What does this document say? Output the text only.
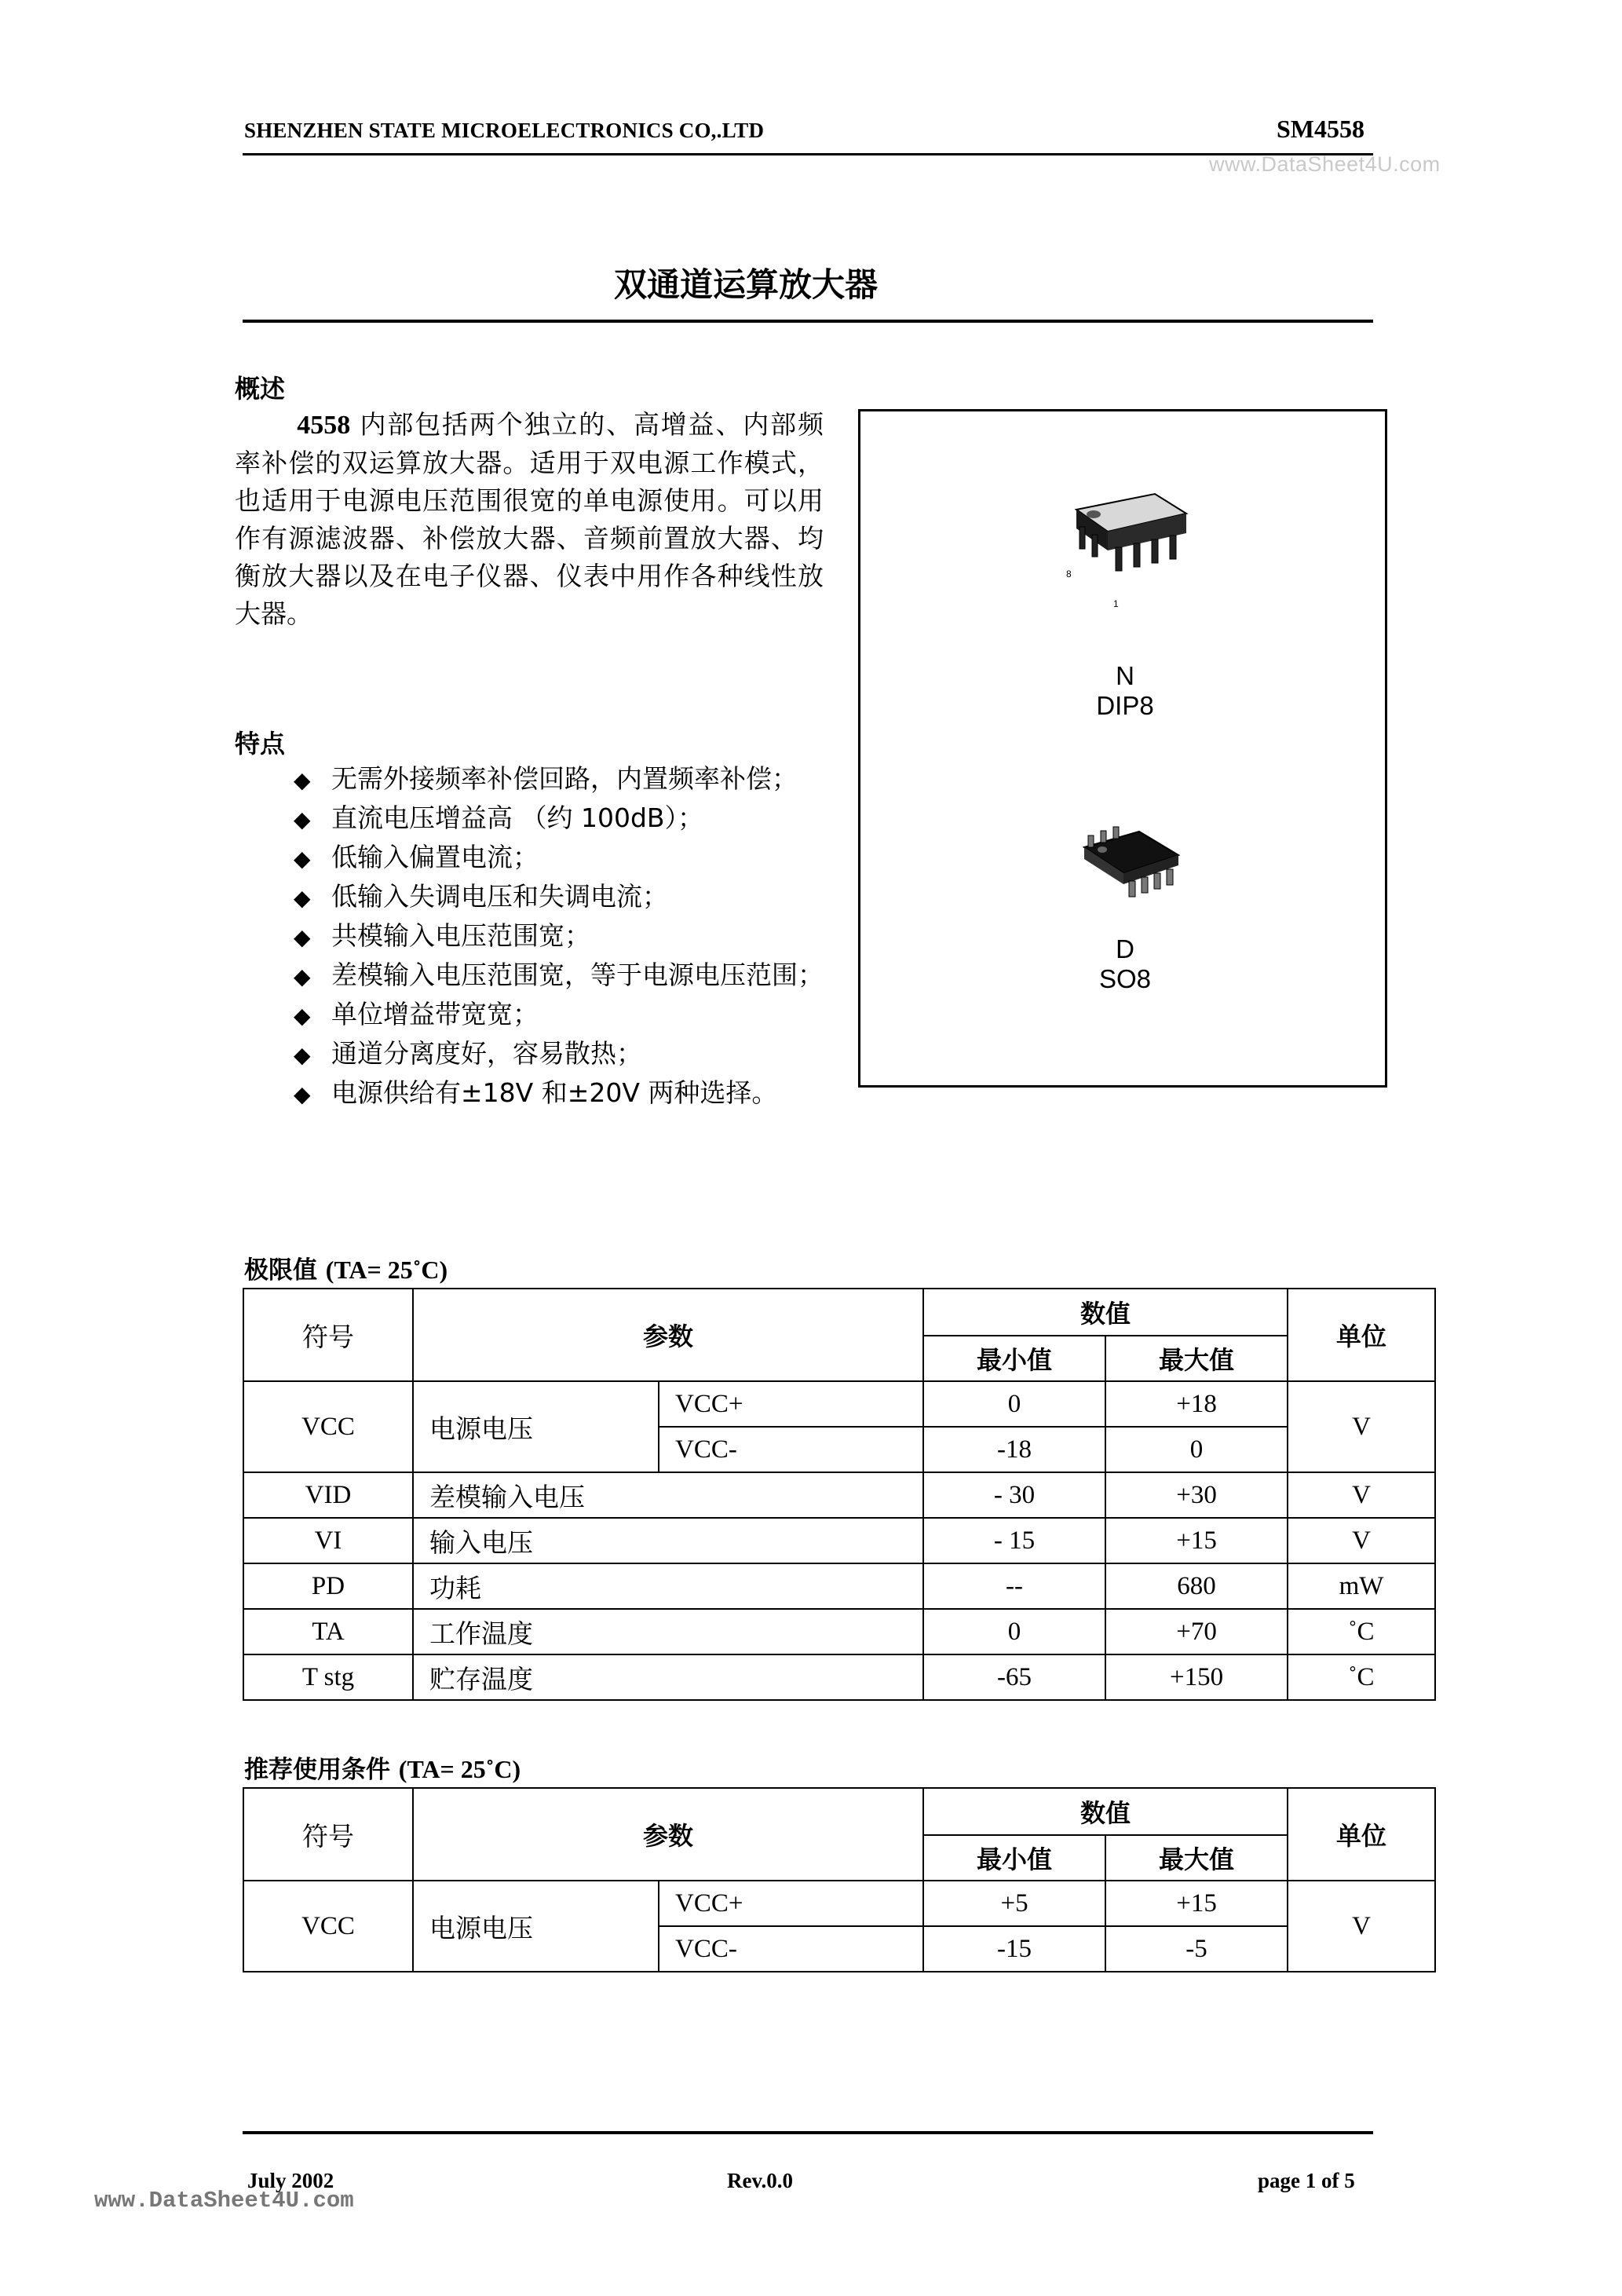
SHENZHEN STATE MICROELECTRONICS CO,.LTD	SM4558
www.DataSheet4U.com
双通道运算放大器
概述
4558 内部包括两个独立的、高增益、内部频率补偿的双运算放大器。适用于双电源工作模式，也适用于电源电压范围很宽的单电源使用。可以用作有源滤波器、补偿放大器、音频前置放大器、均衡放大器以及在电子仪器、仪表中用作各种线性放大器。
特点
◆ 无需外接频率补偿回路，内置频率补偿；
◆ 直流电压增益高 （约 100dB）；
◆ 低输入偏置电流；
◆ 低输入失调电压和失调电流；
◆ 共模输入电压范围宽；
◆ 差模输入电压范围宽，等于电源电压范围；
◆ 单位增益带宽宽；
◆ 通道分离度好，容易散热；
◆ 电源供给有±18V 和±20V 两种选择。
8
1
N
DIP8
D
SO8
极限值 (TA= 25˚C)
符号	参数		数值		单位
			最小值	最大值	
VCC	电源电压	VCC+	0	+18	V
		VCC-	-18	0	
VID	差模输入电压		- 30	+30	V
VI	输入电压		- 15	+15	V
PD	功耗		--	680	mW
TA	工作温度		0	+70	˚C
T stg	贮存温度		-65	+150	˚C
推荐使用条件 (TA= 25˚C)
符号	参数		数值		单位
			最小值	最大值	
VCC	电源电压	VCC+	+5	+15	V
		VCC-	-15	-5	
July 2002	Rev.0.0	page 1 of 5
www.DataSheet4U.com
